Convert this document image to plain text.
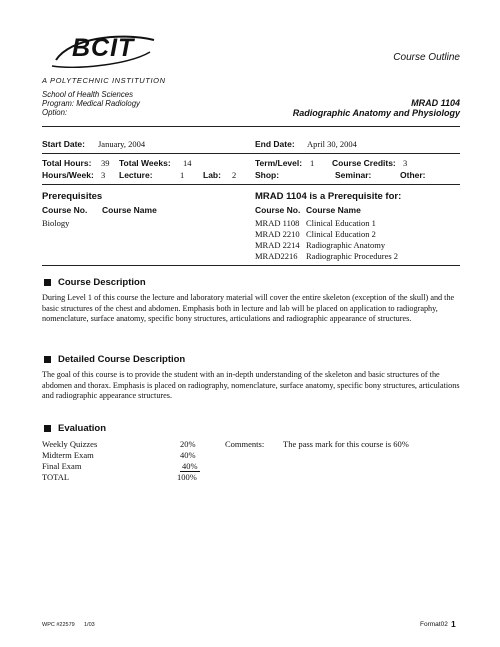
BCIT
A POLYTECHNIC INSTITUTION
Course Outline
School of Health Sciences
Program: Medical Radiology
Option:
MRAD 1104
Radiographic Anatomy and Physiology
Start Date: January, 2004	End Date: April 30, 2004
Total Hours: 39 Total Weeks: 14	Term/Level: 1 Course Credits: 3
Hours/Week: 3 Lecture:	1 Lab: 2 Shop:	Seminar:	Other:
Prerequisites
Course No. Course Name
Biology
MRAD 1104 is a Prerequisite for:
Course No. Course Name
MRAD 1108 Clinical Education 1
MRAD 2210 Clinical Education 2
MRAD 2214 Radiographic Anatomy
MRAD2216 Radiographic Procedures 2
Course Description
During Level 1 of this course the lecture and laboratory material will cover the entire skeleton (exception of the skull) and the basic structures of the chest and abdomen. Emphasis both in lecture and lab will be placed on application to radiography, nomenclature, surface anatomy, specific bony structures, articulations and radiographic appearance of structures.
Detailed Course Description
The goal of this course is to provide the student with an in-depth understanding of the skeleton and basic structures of the abdomen and thorax. Emphasis is placed on radiography, nomenclature, surface anatomy, specific bony structures, articulations and radiographic appearance structures.
Evaluation
Weekly Quizzes	20%
Midterm Exam	40%
Final Exam	40%
TOTAL	100%
Comments: The pass mark for this course is 60%
WPC #22579 1/03	Format02 1
